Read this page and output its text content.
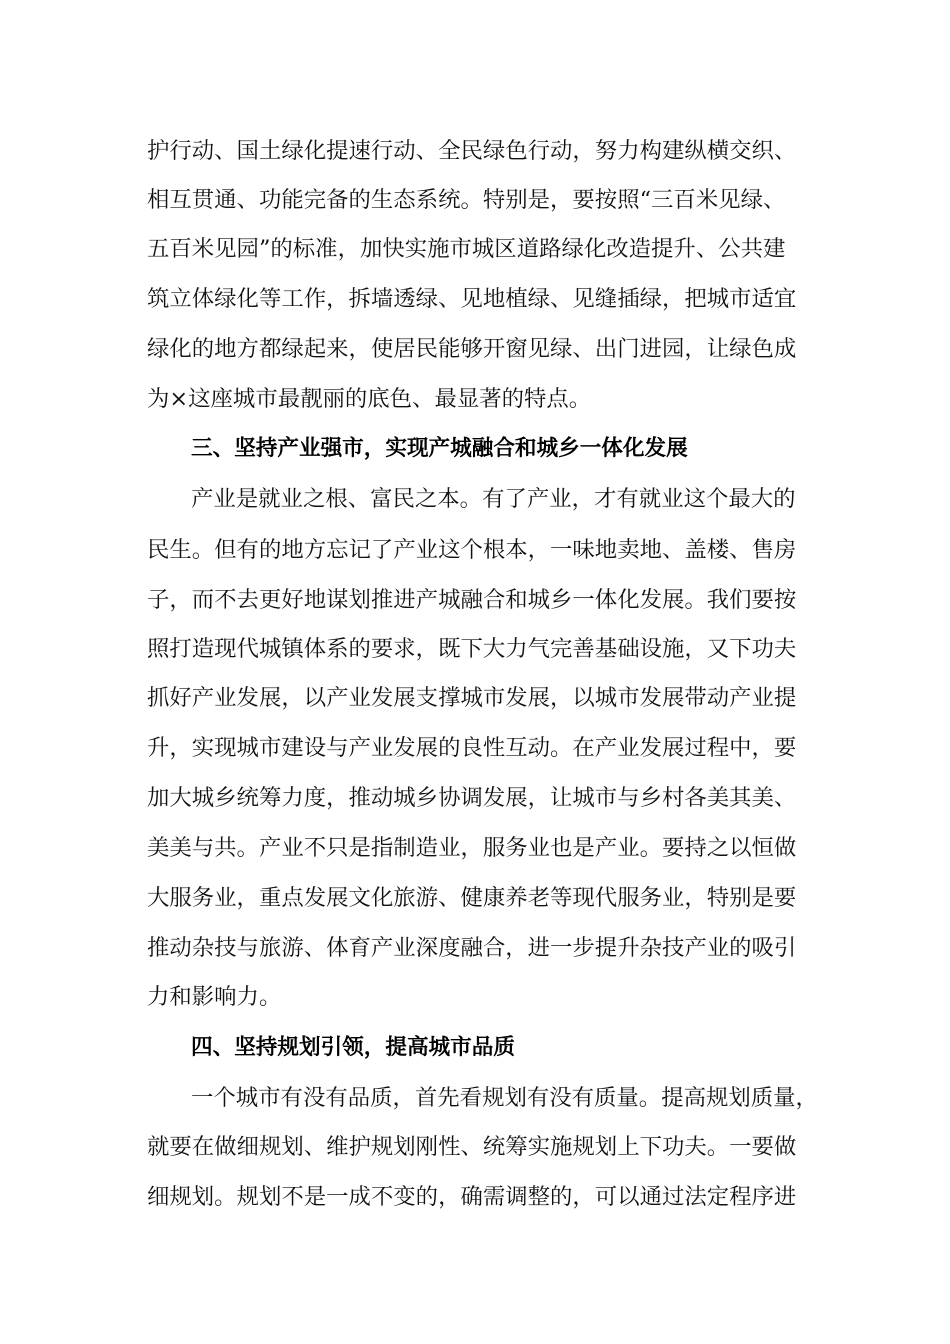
护行动、国土绿化提速行动、全民绿色行动，努力构建纵横交织、
相互贯通、功能完备的生态系统。特别是，要按照“三百米见绿、
五百米见园”的标准，加快实施市城区道路绿化改造提升、公共建
筑立体绿化等工作，拆墙透绿、见地植绿、见缝插绿，把城市适宜
绿化的地方都绿起来，使居民能够开窗见绿、出门进园，让绿色成
为×这座城市最靓丽的底色、最显著的特点。
三、坚持产业强市，实现产城融合和城乡一体化发展
产业是就业之根、富民之本。有了产业，才有就业这个最大的
民生。但有的地方忘记了产业这个根本，一味地卖地、盖楼、售房
子，而不去更好地谋划推进产城融合和城乡一体化发展。我们要按
照打造现代城镇体系的要求，既下大力气完善基础设施，又下功夫
抓好产业发展，以产业发展支撑城市发展，以城市发展带动产业提
升，实现城市建设与产业发展的良性互动。在产业发展过程中，要
加大城乡统筹力度，推动城乡协调发展，让城市与乡村各美其美、
美美与共。产业不只是指制造业，服务业也是产业。要持之以恒做
大服务业，重点发展文化旅游、健康养老等现代服务业，特别是要
推动杂技与旅游、体育产业深度融合，进一步提升杂技产业的吸引
力和影响力。
四、坚持规划引领，提高城市品质
一个城市有没有品质，首先看规划有没有质量。提高规划质量，
就要在做细规划、维护规划刚性、统筹实施规划上下功夫。一要做
细规划。规划不是一成不变的，确需调整的，可以通过法定程序进
